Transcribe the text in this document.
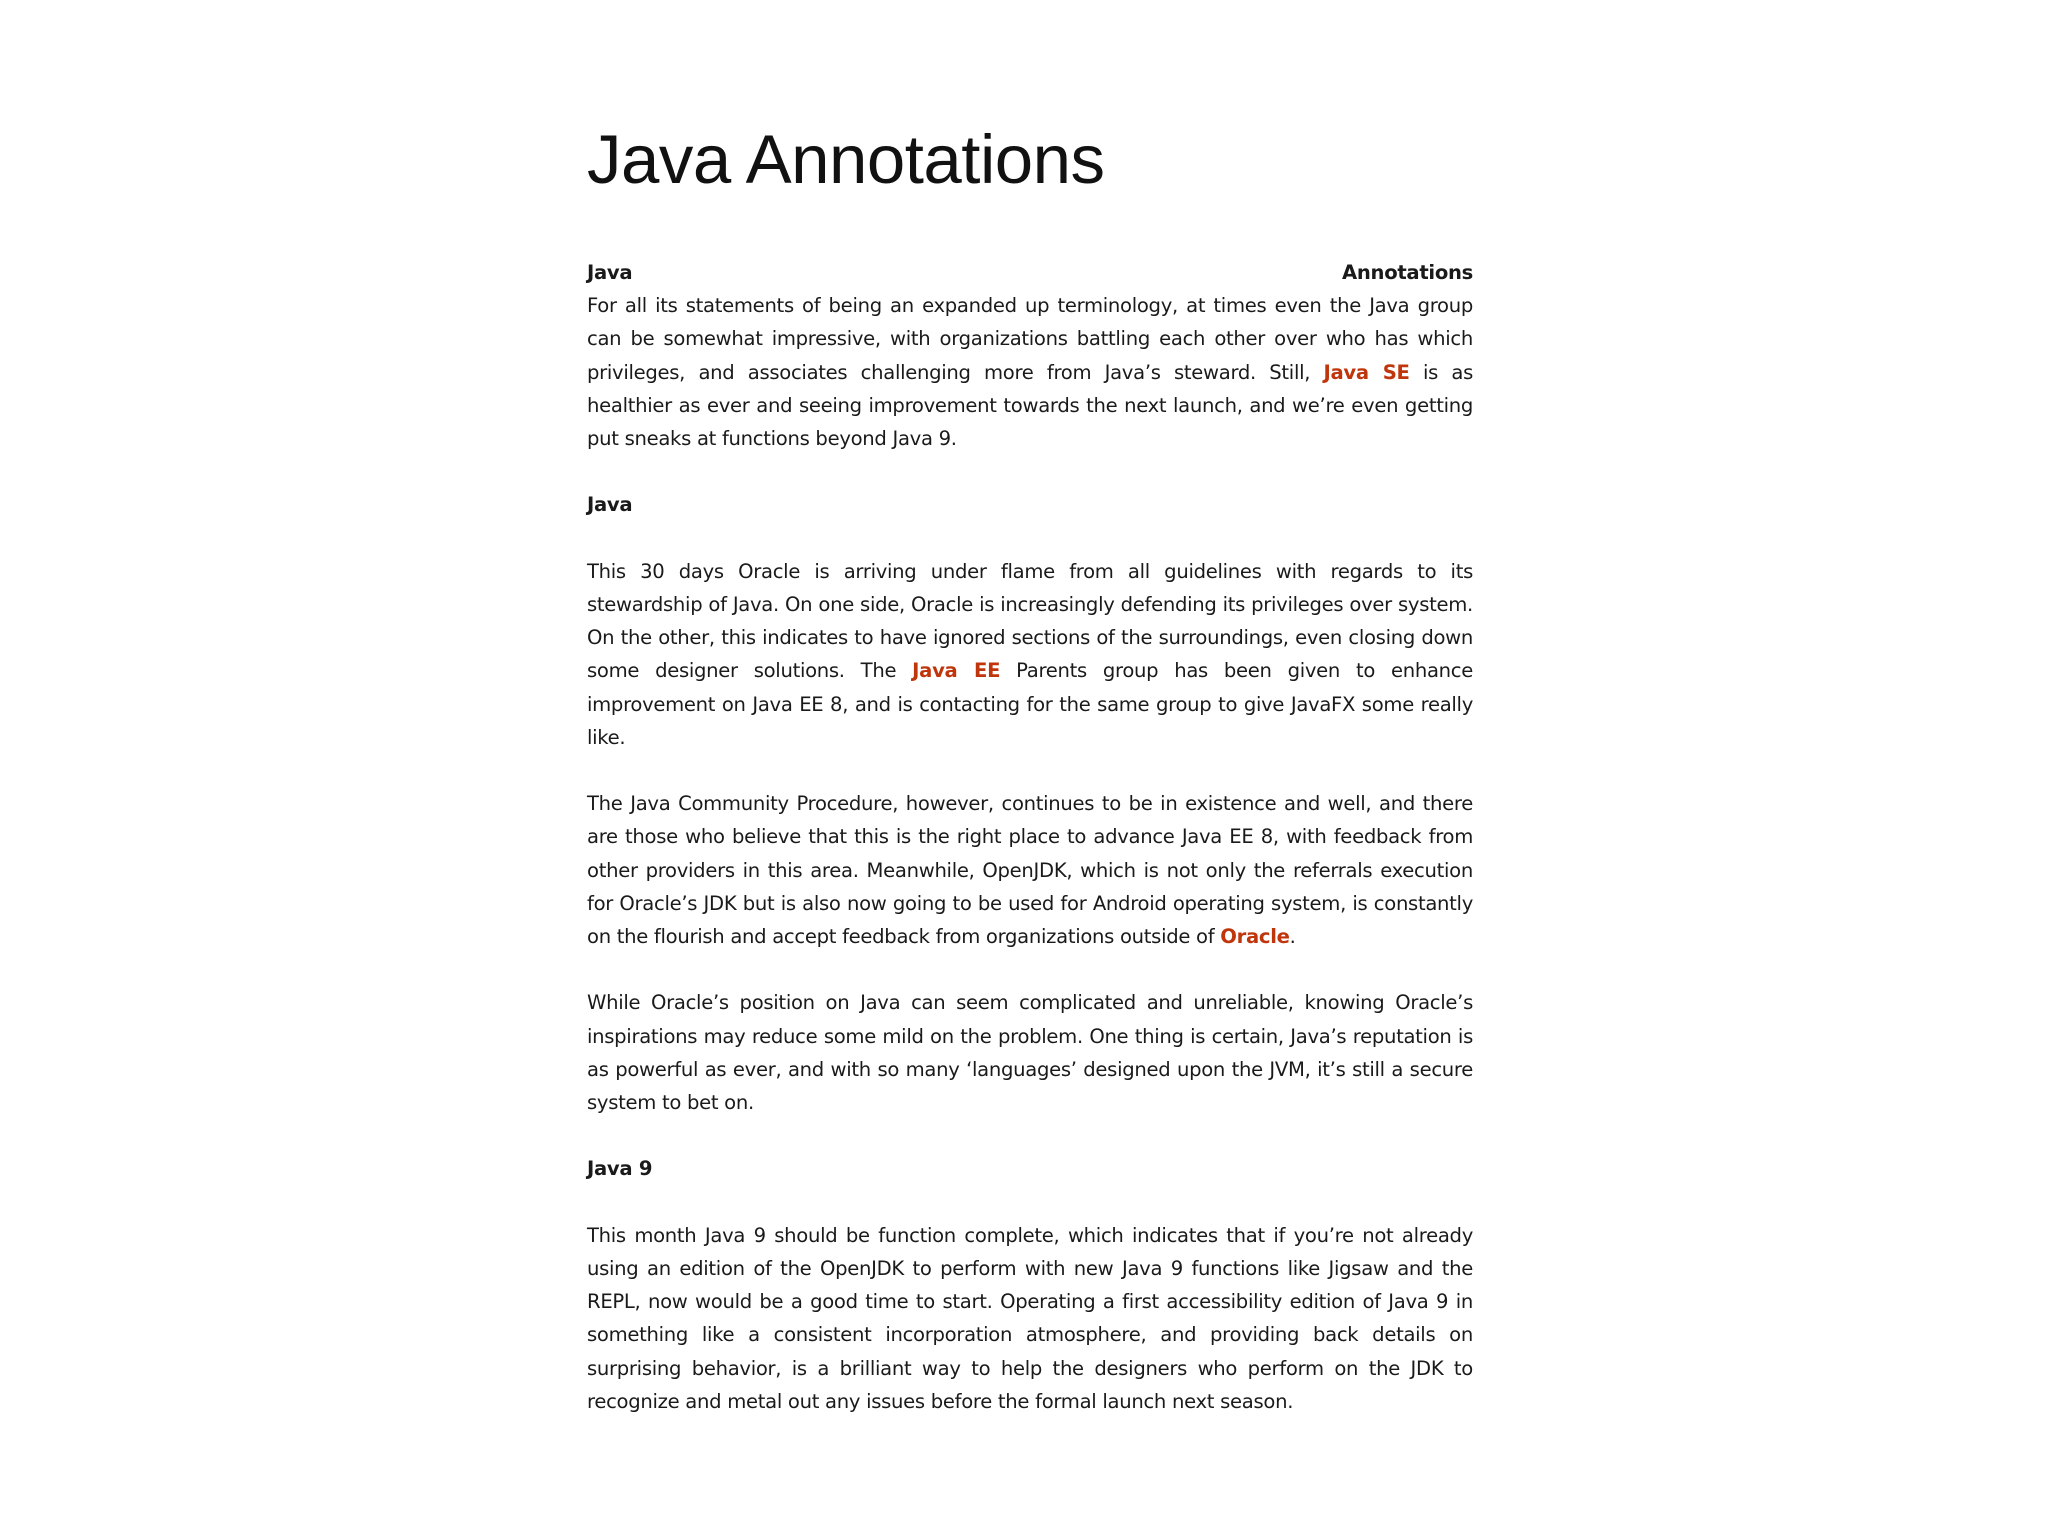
Java Annotations
Java	Annotations

For all its statements of being an expanded up terminology, at times even the Java group can be somewhat impressive, with organizations battling each other over who has which privileges, and associates challenging more from Java’s steward. Still, Java SE is as healthier as ever and seeing improvement towards the next launch, and we’re even getting put sneaks at functions beyond Java 9.

Java

This 30 days Oracle is arriving under flame from all guidelines with regards to its stewardship of Java. On one side, Oracle is increasingly defending its privileges over system. On the other, this indicates to have ignored sections of the surroundings, even closing down some designer solutions. The Java EE Parents group has been given to enhance improvement on Java EE 8, and is contacting for the same group to give JavaFX some really like.

The Java Community Procedure, however, continues to be in existence and well, and there are those who believe that this is the right place to advance Java EE 8, with feedback from other providers in this area. Meanwhile, OpenJDK, which is not only the referrals execution for Oracle’s JDK but is also now going to be used for Android operating system, is constantly on the flourish and accept feedback from organizations outside of Oracle.

While Oracle’s position on Java can seem complicated and unreliable, knowing Oracle’s inspirations may reduce some mild on the problem. One thing is certain, Java’s reputation is as powerful as ever, and with so many ‘languages’ designed upon the JVM, it’s still a secure system to bet on.

Java 9

This month Java 9 should be function complete, which indicates that if you’re not already using an edition of the OpenJDK to perform with new Java 9 functions like Jigsaw and the REPL, now would be a good time to start. Operating a first accessibility edition of Java 9 in something like a consistent incorporation atmosphere, and providing back details on surprising behavior, is a brilliant way to help the designers who perform on the JDK to recognize and metal out any issues before the formal launch next season.
